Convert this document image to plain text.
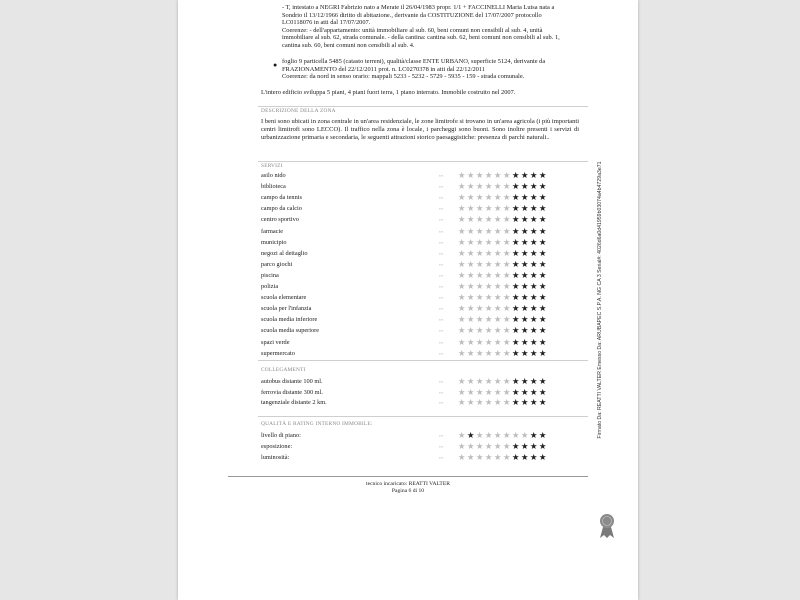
- T, intestato a NEGRI Fabrizio nato a Merate il 26/04/1983 propr. 1/1 + FACCINELLI Maria Luisa nata a Sondrio il 13/12/1966 diritto di abitazione., derivante da COSTITUZIONE del 17/07/2007 protocollo LC0118076 in atti dal 17/07/2007.

Coerenze: - dell'appartamento: unità immobiliare al sub. 60, beni comuni non censibili al sub. 4, unità immobiliare al sub. 62, strada comunale. - della cantina: cantina sub. 62, beni comuni non censibili al sub. 1, cantina sub. 60, beni comuni non censibili al sub. 4.

● foglio 9 particella 5485 (catasto terreni), qualità/classe ENTE URBANO, superficie 5124, derivante da FRAZIONAMENTO del 22/12/2011 prot. n. LC0270378 in atti dal 22/12/2011

Coerenze: da nord in senso orario: mappali 5233 - 5232 - 5729 - 5935 - 159 - strada comunale.

L'intero edificio sviluppa 5 piani, 4 piani fuori terra, 1 piano interrato. Immobile costruito nel 2007.
DESCRIZIONE DELLA ZONA
I beni sono ubicati in zona centrale in un'area residenziale, le zone limitrofe si trovano in un'area agricola (i più importanti centri limitrofi sono LECCO). Il traffico nella zona è locale, i parcheggi sono buoni. Sono inoltre presenti i servizi di urbanizzazione primaria e secondaria, le seguenti attrazioni storico paesaggistiche: presenza di parchi naturali..
SERVIZI
asilo nido	▪▪▪ ★ ★ ★ ★ ★ ★ ★ ★ ★ ★
biblioteca	▪▪▪ ★ ★ ★ ★ ★ ★ ★ ★ ★ ★
campo da tennis	▪▪▪ ★ ★ ★ ★ ★ ★ ★ ★ ★ ★
campo da calcio	▪▪▪ ★ ★ ★ ★ ★ ★ ★ ★ ★ ★
centro sportivo	▪▪▪ ★ ★ ★ ★ ★ ★ ★ ★ ★ ★
farmacie	▪▪▪ ★ ★ ★ ★ ★ ★ ★ ★ ★ ★
municipio	▪▪▪ ★ ★ ★ ★ ★ ★ ★ ★ ★ ★
negozi al dettaglio	▪▪▪ ★ ★ ★ ★ ★ ★ ★ ★ ★ ★
parco giochi	▪▪▪ ★ ★ ★ ★ ★ ★ ★ ★ ★ ★
piscina	▪▪▪ ★ ★ ★ ★ ★ ★ ★ ★ ★ ★
polizia	▪▪▪ ★ ★ ★ ★ ★ ★ ★ ★ ★ ★
scuola elementare	▪▪▪ ★ ★ ★ ★ ★ ★ ★ ★ ★ ★
scuola per l'infanzia	▪▪▪ ★ ★ ★ ★ ★ ★ ★ ★ ★ ★
scuola media inferiore	▪▪▪ ★ ★ ★ ★ ★ ★ ★ ★ ★ ★
scuola media superiore	▪▪▪ ★ ★ ★ ★ ★ ★ ★ ★ ★ ★
spazi verde	▪▪▪ ★ ★ ★ ★ ★ ★ ★ ★ ★ ★
supermercato	▪▪▪ ★ ★ ★ ★ ★ ★ ★ ★ ★ ★
COLLEGAMENTI
autobus distante 100 ml.	▪▪▪ ★ ★ ★ ★ ★ ★ ★ ★ ★ ★
ferrovia distante 300 ml.	▪▪▪ ★ ★ ★ ★ ★ ★ ★ ★ ★ ★
tangenziale distante 2 km.	▪▪▪ ★ ★ ★ ★ ★ ★ ★ ★ ★ ★
QUALITÀ E RATING INTERNO IMMOBILE:
livello di piano:	▪▪▪ ★ ★ ★ ★ ★ ★ ★ ★ ★ ★
esposizione:	▪▪▪ ★ ★ ★ ★ ★ ★ ★ ★ ★ ★
luminosità:	▪▪▪ ★ ★ ★ ★ ★ ★ ★ ★ ★ ★
tecnico incaricato: REATTI VALTER
Pagina 6 di 10
Firmato Da: REATTI VALTER Emesso Da: ARUBAPEC S.P.A. NG CA 3 Serial#: 4026d6a0d41959b03074a4b4729a3e71
